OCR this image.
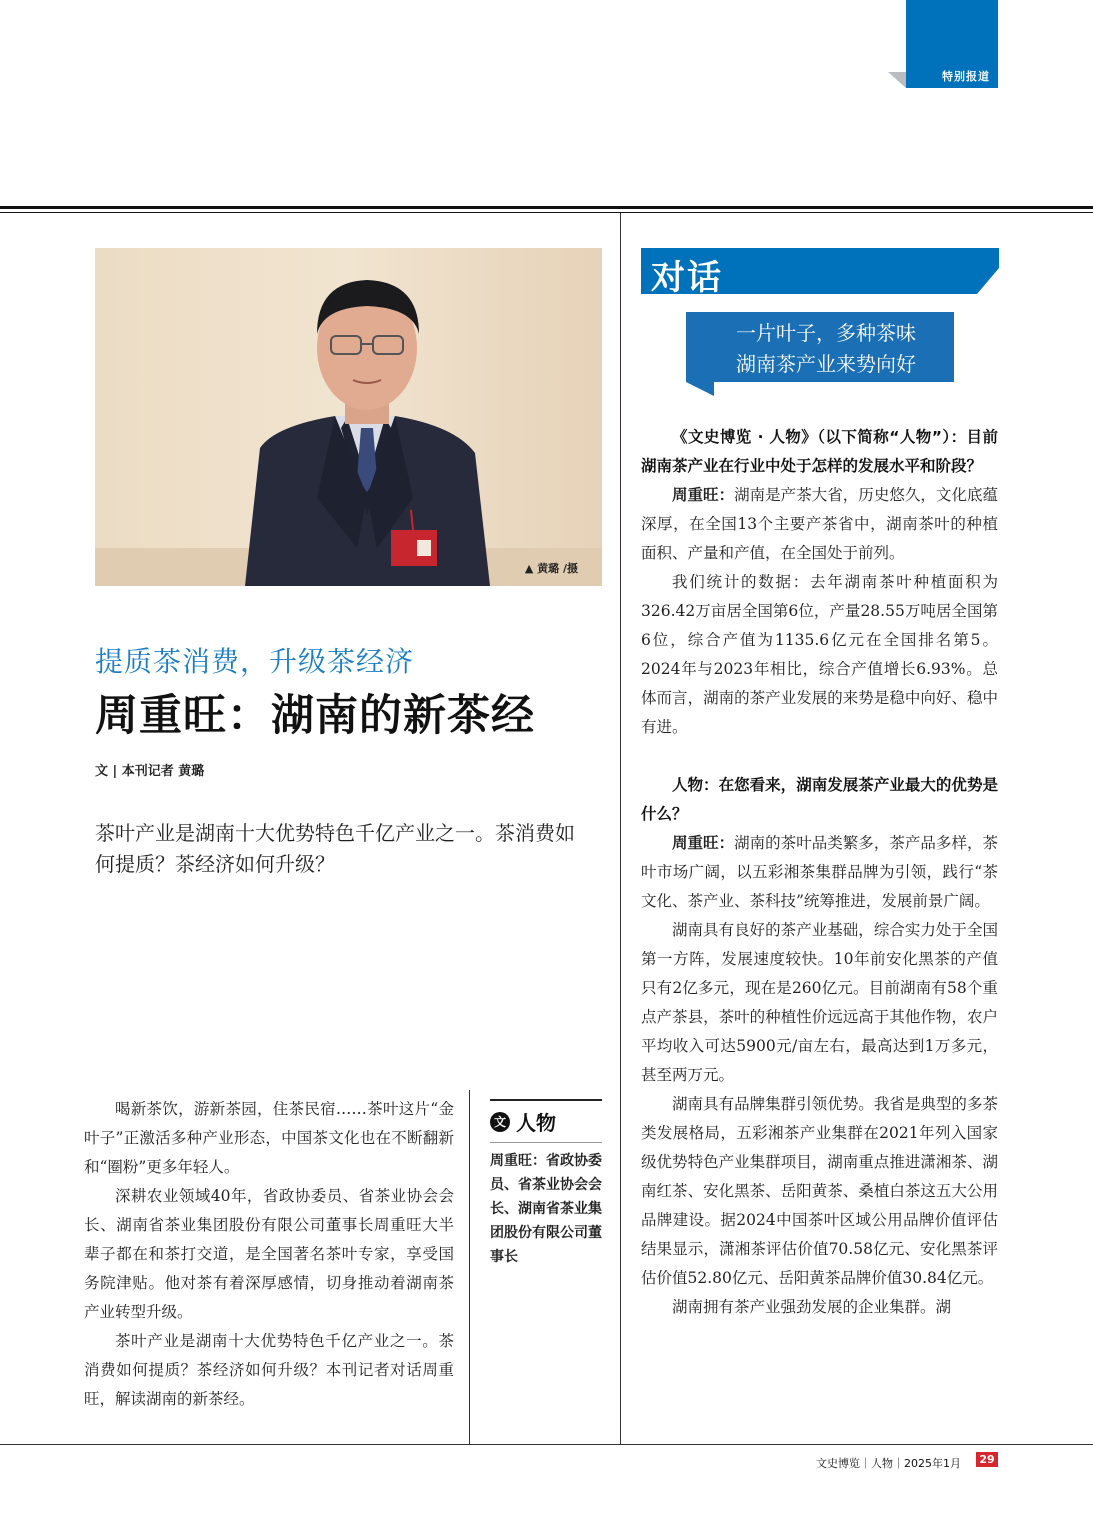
特别报道
▲ 黄璐 /摄
提质茶消费，升级茶经济
周重旺：湖南的新茶经
文 | 本刊记者 黄璐
茶叶产业是湖南十大优势特色千亿产业之一。茶消费如何提质？茶经济如何升级？

喝新茶饮，游新茶园，住茶民宿……茶叶这片“金叶子”正激活多种产业形态，中国茶文化也在不断翻新和“圈粉”更多年轻人。

深耕农业领域40年，省政协委员、省茶业协会会长、湖南省茶业集团股份有限公司董事长周重旺大半辈子都在和茶打交道，是全国著名茶叶专家，享受国务院津贴。他对茶有着深厚感情，切身推动着湖南茶产业转型升级。

茶叶产业是湖南十大优势特色千亿产业之一。茶消费如何提质？茶经济如何升级？本刊记者对话周重旺，解读湖南的新茶经。

文 人物
周重旺：省政协委员、省茶业协会会长、湖南省茶业集团股份有限公司董事长
对话
一片叶子，多种茶味
湖南茶产业来势向好

《文史博览 · 人物》（以下简称“人物”）：目前湖南茶产业在行业中处于怎样的发展水平和阶段？

周重旺：湖南是产茶大省，历史悠久，文化底蕴深厚，在全国13个主要产茶省中，湖南茶叶的种植面积、产量和产值，在全国处于前列。

我们统计的数据：去年湖南茶叶种植面积为326.42万亩居全国第6位，产量28.55万吨居全国第6位，综合产值为1135.6亿元在全国排名第5。2024年与2023年相比，综合产值增长6.93%。总体而言，湖南的茶产业发展的来势是稳中向好、稳中有进。

人物：在您看来，湖南发展茶产业最大的优势是什么？

周重旺：湖南的茶叶品类繁多，茶产品多样，茶叶市场广阔，以五彩湘茶集群品牌为引领，践行“茶文化、茶产业、茶科技”统筹推进，发展前景广阔。

湖南具有良好的茶产业基础，综合实力处于全国第一方阵，发展速度较快。10年前安化黑茶的产值只有2亿多元，现在是260亿元。目前湖南有58个重点产茶县，茶叶的种植性价远远高于其他作物，农户平均收入可达5900元/亩左右，最高达到1万多元，甚至两万元。

湖南具有品牌集群引领优势。我省是典型的多茶类发展格局，五彩湘茶产业集群在2021年列入国家级优势特色产业集群项目，湖南重点推进潇湘茶、湖南红茶、安化黑茶、岳阳黄茶、桑植白茶这五大公用品牌建设。据2024中国茶叶区域公用品牌价值评估结果显示，潇湘茶评估价值70.58亿元、安化黑茶评估价值52.80亿元、岳阳黄茶品牌价值30.84亿元。

湖南拥有茶产业强劲发展的企业集群。湖

文史博览｜人物｜2025年1月	29
